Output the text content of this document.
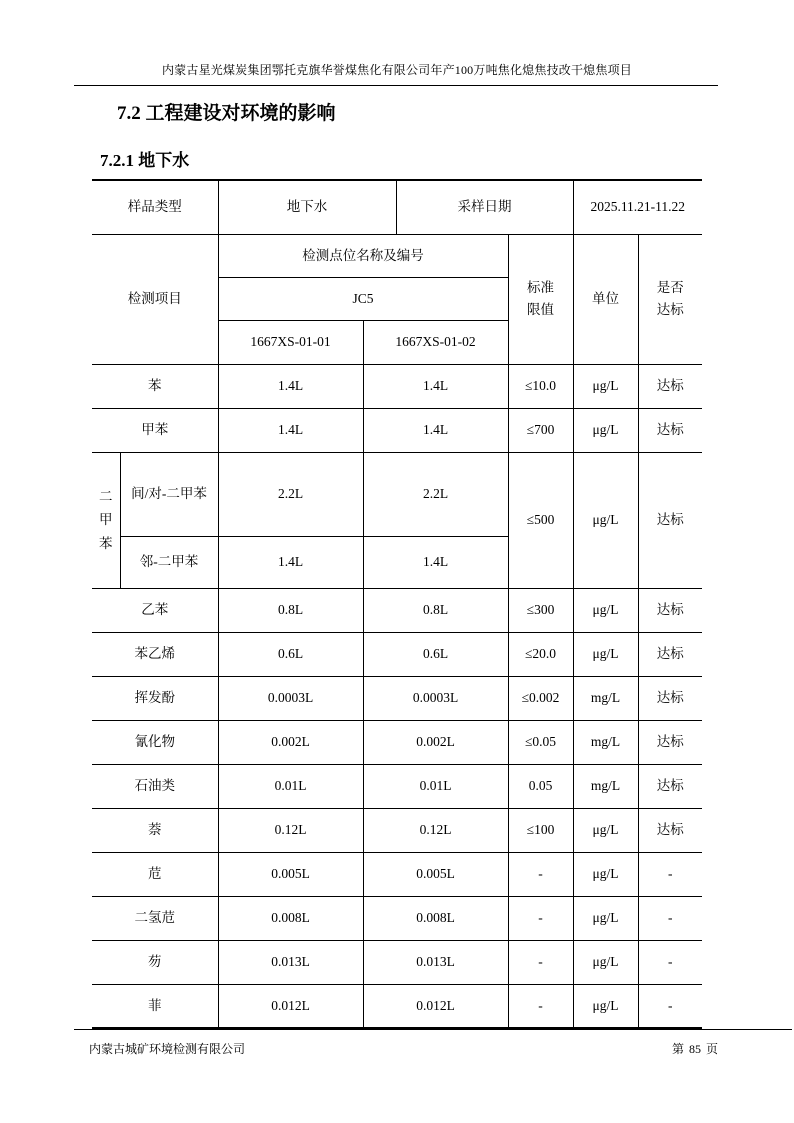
内蒙古星光煤炭集团鄂托克旗华誉煤焦化有限公司年产100万吨焦化熄焦技改干熄焦项目
7.2 工程建设对环境的影响
7.2.1 地下水
样品类型		地下水		采样日期		2025.11.21-11.22	
检测项目		检测点位名称及编号			标准限值	单位	是否达标
		JC5					
		1667XS-01-01	1667XS-01-02				
苯		1.4L	1.4L		≤10.0	μg/L	达标
甲苯		1.4L	1.4L		≤700	μg/L	达标
二甲苯	间/对-二甲苯	2.2L	2.2L		≤500	μg/L	达标
	邻-二甲苯	1.4L	1.4L				
乙苯		0.8L	0.8L		≤300	μg/L	达标
苯乙烯		0.6L	0.6L		≤20.0	μg/L	达标
挥发酚		0.0003L	0.0003L		≤0.002	mg/L	达标
氰化物		0.002L	0.002L		≤0.05	mg/L	达标
石油类		0.01L	0.01L		0.05	mg/L	达标
萘		0.12L	0.12L		≤100	μg/L	达标
苊		0.005L	0.005L		-	μg/L	-
二氢苊		0.008L	0.008L		-	μg/L	-
芴		0.013L	0.013L		-	μg/L	-
菲		0.012L	0.012L		-	μg/L	-
内蒙古城矿环境检测有限公司	第 85 页
